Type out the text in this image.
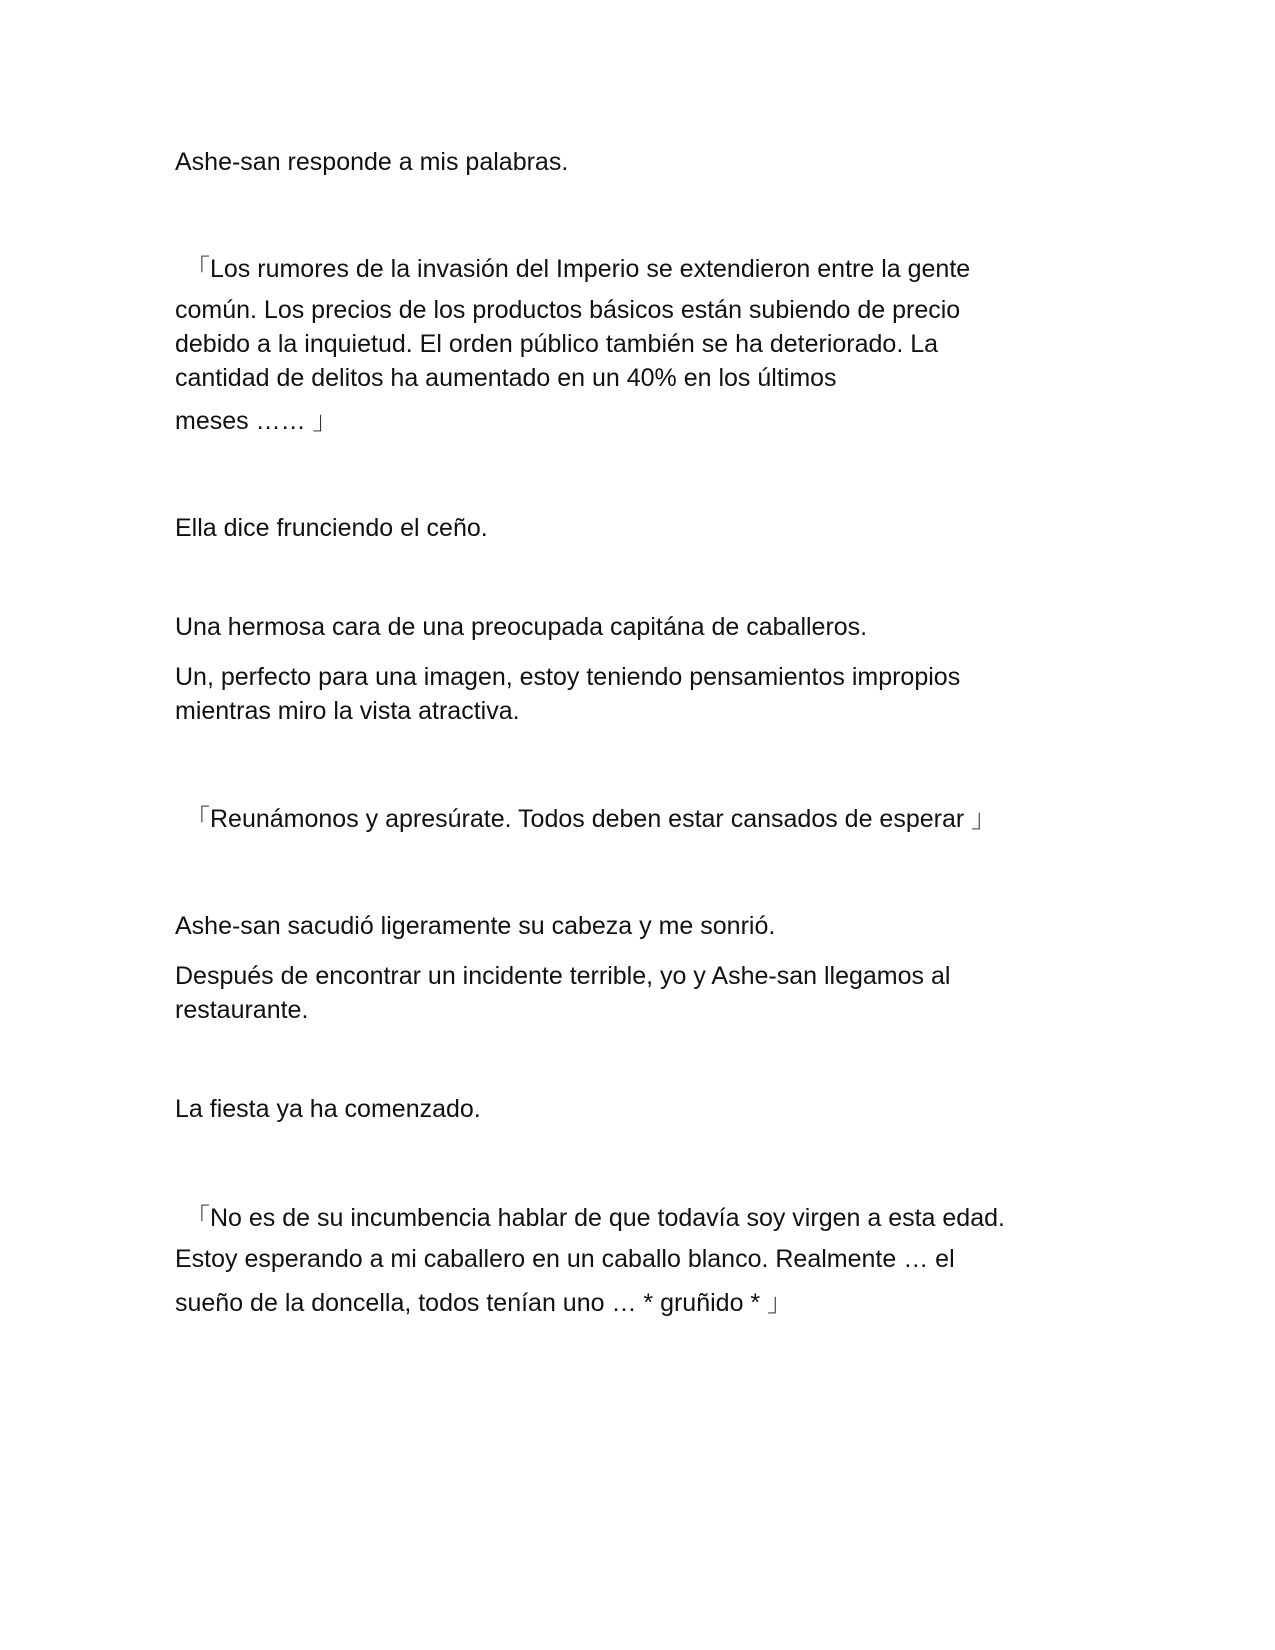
Ashe-san responde a mis palabras.

「Los rumores de la invasión del Imperio se extendieron entre la gente

común. Los precios de los productos básicos están subiendo de precio

debido a la inquietud. El orden público también se ha deteriorado. La

cantidad de delitos ha aumentado en un 40% en los últimos

meses …… 」

Ella dice frunciendo el ceño.

Una hermosa cara de una preocupada capitána de caballeros.

Un, perfecto para una imagen, estoy teniendo pensamientos impropios

mientras miro la vista atractiva.

「Reunámonos y apresúrate. Todos deben estar cansados de esperar 」

Ashe-san sacudió ligeramente su cabeza y me sonrió.

Después de encontrar un incidente terrible, yo y Ashe-san llegamos al

restaurante.

La fiesta ya ha comenzado.

「No es de su incumbencia hablar de que todavía soy virgen a esta edad.

Estoy esperando a mi caballero en un caballo blanco. Realmente … el

sueño de la doncella, todos tenían uno … * gruñido * 」
